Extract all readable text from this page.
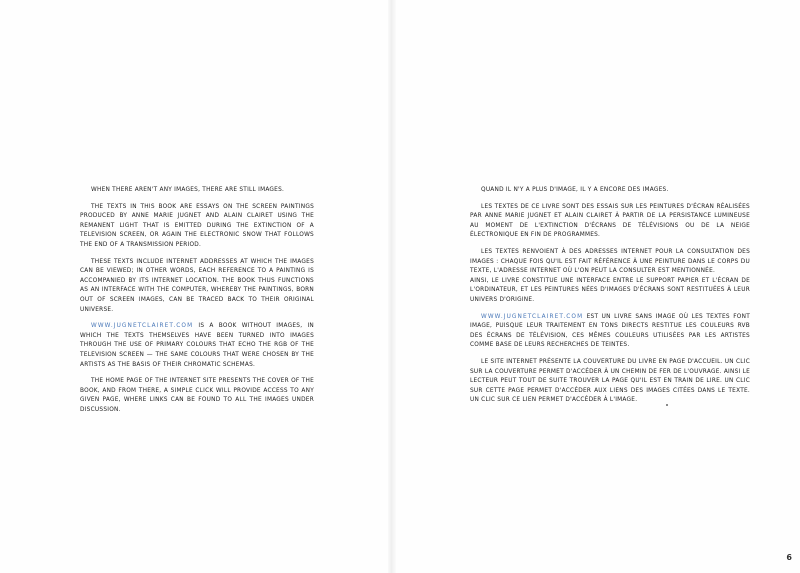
WHEN THERE AREN'T ANY IMAGES, THERE ARE STILL IMAGES.

THE TEXTS IN THIS BOOK ARE ESSAYS ON THE SCREEN PAINTINGS PRODUCED BY ANNE MARIE JUGNET AND ALAIN CLAIRET USING THE REMANENT LIGHT THAT IS EMITTED DURING THE EXTINCTION OF A TELEVISION SCREEN, OR AGAIN THE ELECTRONIC SNOW THAT FOLLOWS THE END OF A TRANSMISSION PERIOD.

THESE TEXTS INCLUDE INTERNET ADDRESSES AT WHICH THE IMAGES CAN BE VIEWED; IN OTHER WORDS, EACH REFERENCE TO A PAINTING IS ACCOMPANIED BY ITS INTERNET LOCATION. THE BOOK THUS FUNCTIONS AS AN INTERFACE WITH THE COMPUTER, WHEREBY THE PAINTINGS, BORN OUT OF SCREEN IMAGES, CAN BE TRACED BACK TO THEIR ORIGINAL UNIVERSE.

WWW.JUGNETCLAIRET.COM IS A BOOK WITHOUT IMAGES, IN WHICH THE TEXTS THEMSELVES HAVE BEEN TURNED INTO IMAGES THROUGH THE USE OF PRIMARY COLOURS THAT ECHO THE RGB OF THE TELEVISION SCREEN — THE SAME COLOURS THAT WERE CHOSEN BY THE ARTISTS AS THE BASIS OF THEIR CHROMATIC SCHEMAS.

THE HOME PAGE OF THE INTERNET SITE PRESENTS THE COVER OF THE BOOK, AND FROM THERE, A SIMPLE CLICK WILL PROVIDE ACCESS TO ANY GIVEN PAGE, WHERE LINKS CAN BE FOUND TO ALL THE IMAGES UNDER DISCUSSION.

QUAND IL N'Y A PLUS D'IMAGE, IL Y A ENCORE DES IMAGES.

LES TEXTES DE CE LIVRE SONT DES ESSAIS SUR LES PEINTURES D'ÉCRAN RÉALISÉES PAR ANNE MARIE JUGNET ET ALAIN CLAIRET À PARTIR DE LA PERSISTANCE LUMINEUSE AU MOMENT DE L'EXTINCTION D'ÉCRANS DE TÉLÉVISIONS OU DE LA NEIGE ÉLECTRONIQUE EN FIN DE PROGRAMMES.

LES TEXTES RENVOIENT À DES ADRESSES INTERNET POUR LA CONSULTATION DES IMAGES : CHAQUE FOIS QU'IL EST FAIT RÉFÉRENCE À UNE PEINTURE DANS LE CORPS DU TEXTE, L'ADRESSE INTERNET OÙ L'ON PEUT LA CONSULTER EST MENTIONNÉE.

AINSI, LE LIVRE CONSTITUE UNE INTERFACE ENTRE LE SUPPORT PAPIER ET L'ÉCRAN DE L'ORDINATEUR, ET LES PEINTURES NÉES D'IMAGES D'ÉCRANS SONT RESTITUÉES À LEUR UNIVERS D'ORIGINE.

WWW.JUGNETCLAIRET.COM EST UN LIVRE SANS IMAGE OÙ LES TEXTES FONT IMAGE, PUISQUE LEUR TRAITEMENT EN TONS DIRECTS RESTITUE LES COULEURS RVB DES ÉCRANS DE TÉLÉVISION, CES MÊMES COULEURS UTILISÉES PAR LES ARTISTES COMME BASE DE LEURS RECHERCHES DE TEINTES.

LE SITE INTERNET PRÉSENTE LA COUVERTURE DU LIVRE EN PAGE D'ACCUEIL. UN CLIC SUR LA COUVERTURE PERMET D'ACCÉDER À UN CHEMIN DE FER DE L'OUVRAGE. AINSI LE LECTEUR PEUT TOUT DE SUITE TROUVER LA PAGE QU'IL EST EN TRAIN DE LIRE. UN CLIC SUR CETTE PAGE PERMET D'ACCÉDER AUX LIENS DES IMAGES CITÉES DANS LE TEXTE. UN CLIC SUR CE LIEN PERMET D'ACCÉDER À L'IMAGE.

6
